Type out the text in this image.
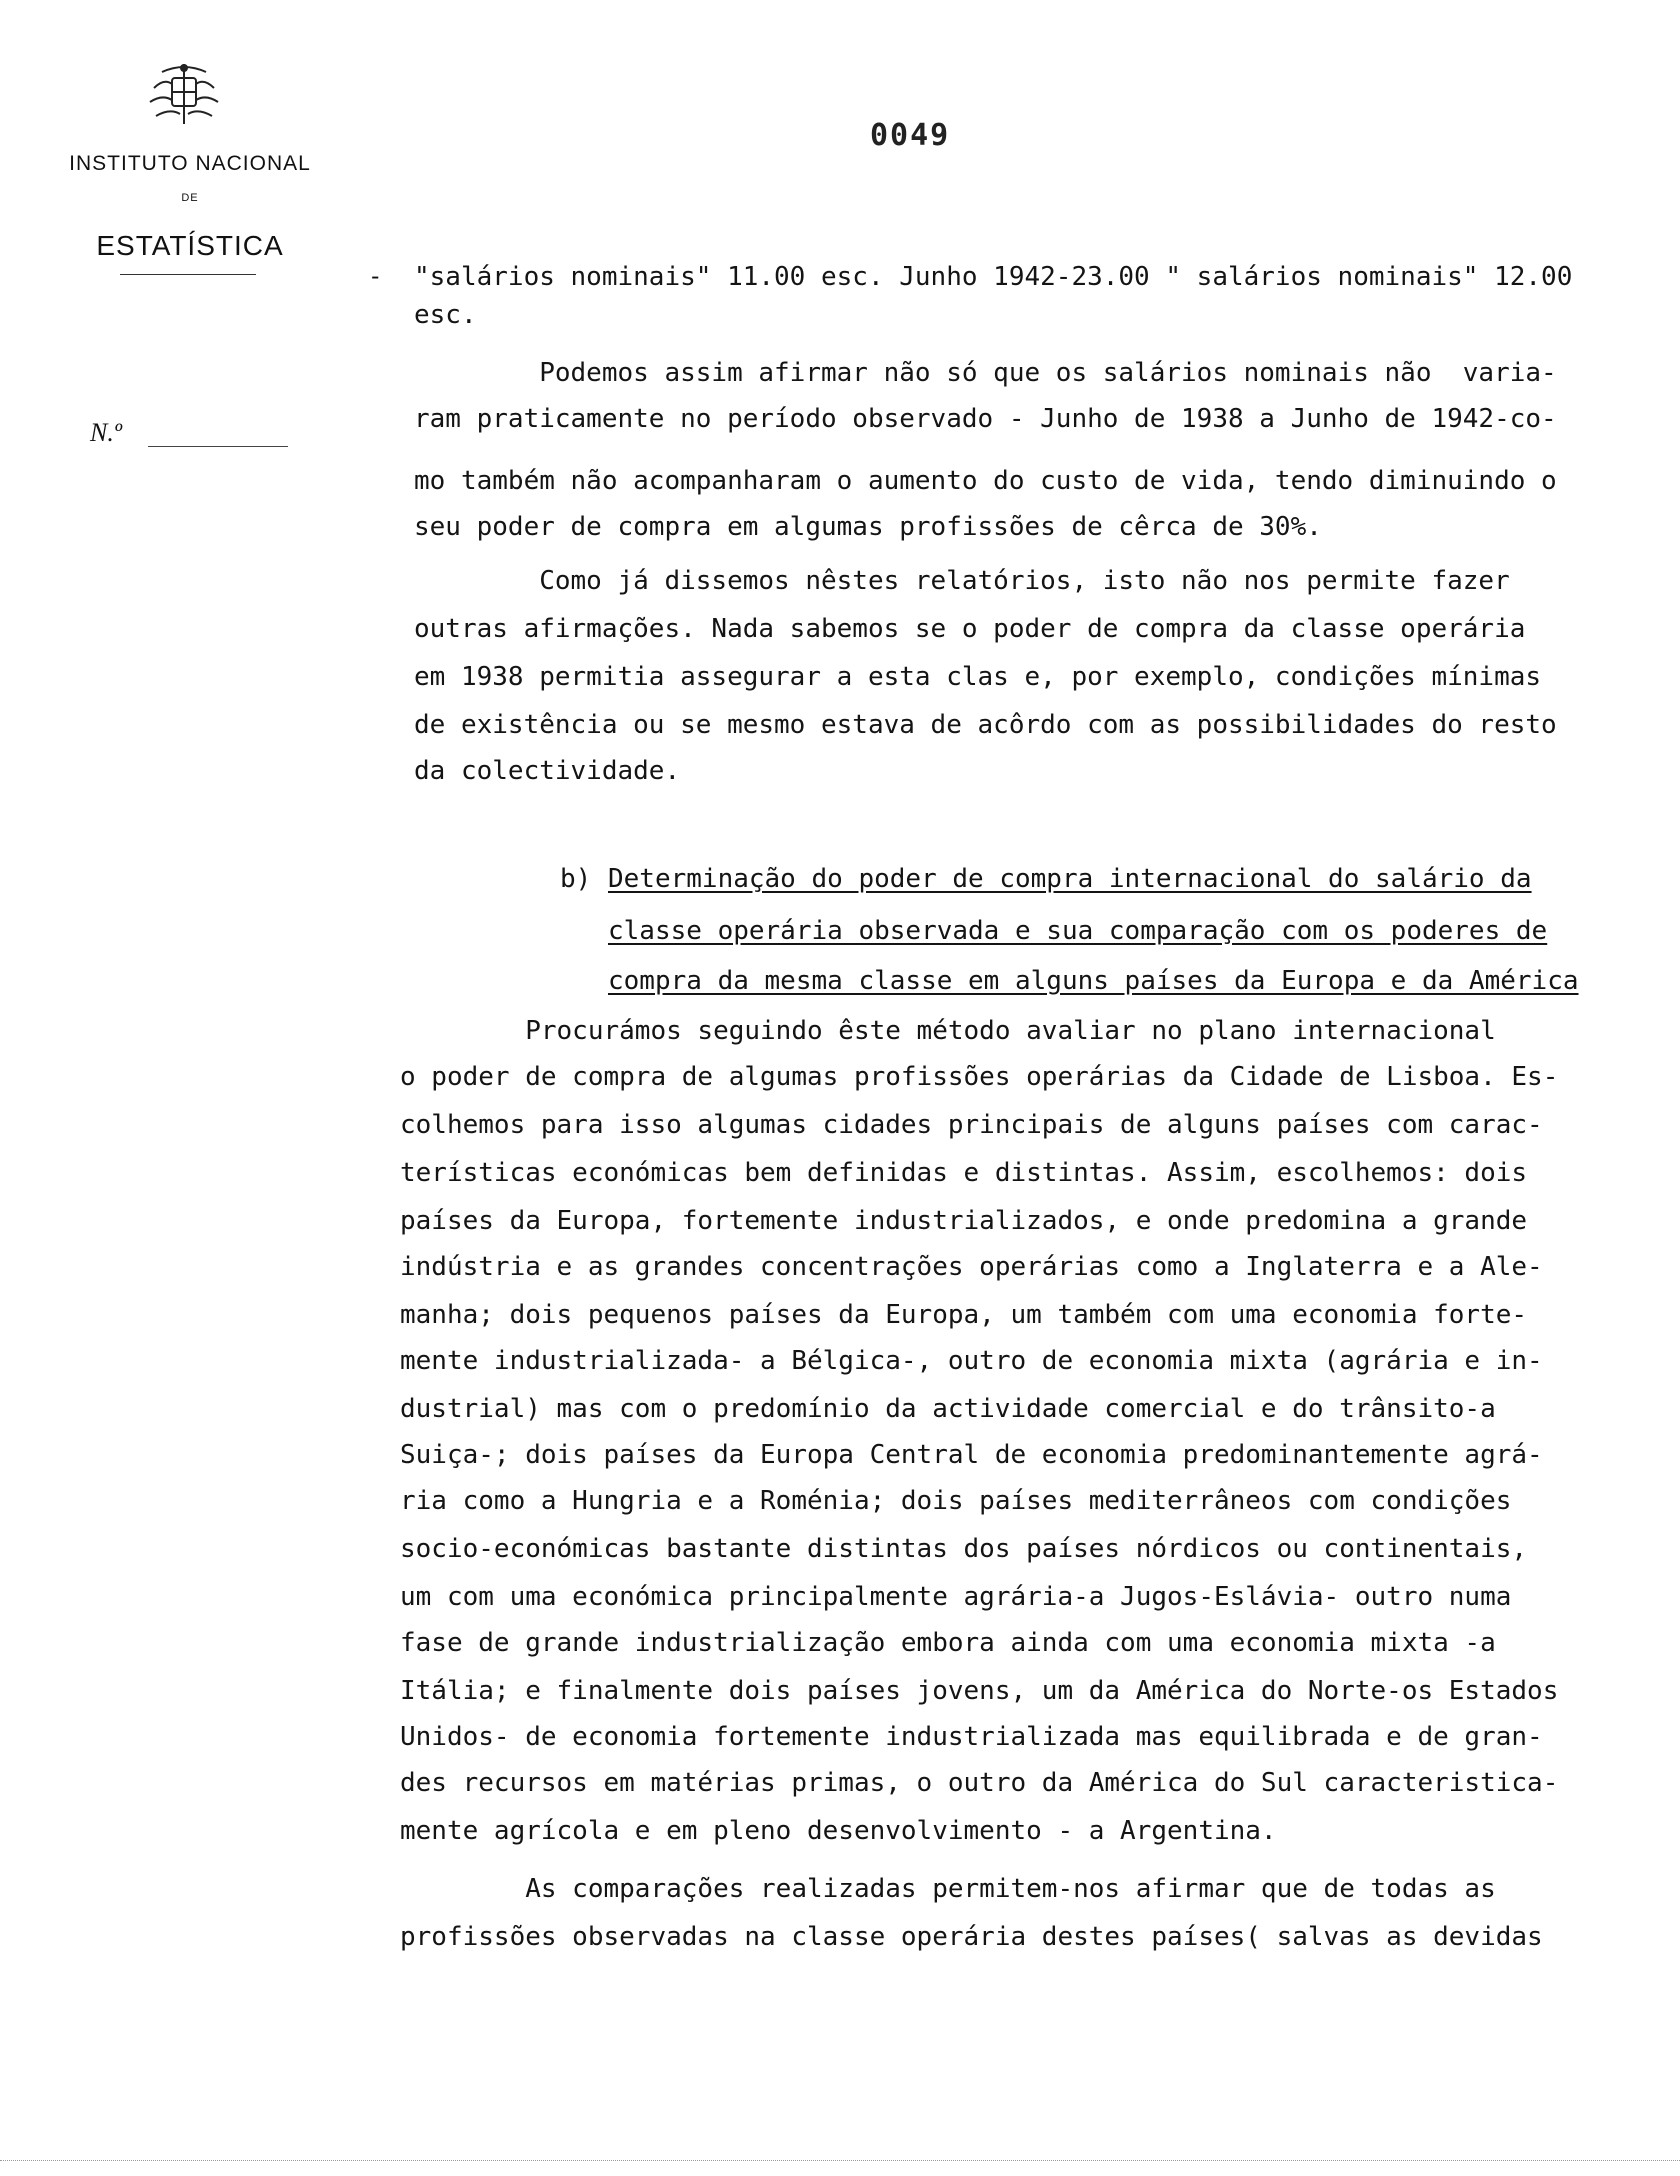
INSTITUTO NACIONAL
DE
ESTATÍSTICA
N.º
0049
- "salários nominais" 11.00 esc. Junho 1942-23.00 " salários nominais" 12.00

esc.

Podemos assim afirmar não só que os salários nominais não  varia-

ram praticamente no período observado - Junho de 1938 a Junho de 1942-co-

mo também não acompanharam o aumento do custo de vida, tendo diminuindo o

seu poder de compra em algumas profissões de cêrca de 30%.

Como já dissemos nêstes relatórios, isto não nos permite fazer

outras afirmações. Nada sabemos se o poder de compra da classe operária

em 1938 permitia assegurar a esta clas e, por exemplo, condições mínimas

de existência ou se mesmo estava de acôrdo com as possibilidades do resto

da colectividade.

b) Determinação do poder de compra internacional do salário da

classe operária observada e sua comparação com os poderes de

compra da mesma classe em alguns países da Europa e da América

Procurámos seguindo êste método avaliar no plano internacional

o poder de compra de algumas profissões operárias da Cidade de Lisboa. Es-

colhemos para isso algumas cidades principais de alguns países com carac-

terísticas económicas bem definidas e distintas. Assim, escolhemos: dois

países da Europa, fortemente industrializados, e onde predomina a grande

indústria e as grandes concentrações operárias como a Inglaterra e a Ale-

manha; dois pequenos países da Europa, um também com uma economia forte-

mente industrializada- a Bélgica-, outro de economia mixta (agrária e in-

dustrial) mas com o predomínio da actividade comercial e do trânsito-a

Suiça-; dois países da Europa Central de economia predominantemente agrá-

ria como a Hungria e a Roménia; dois países mediterrâneos com condições

socio-económicas bastante distintas dos países nórdicos ou continentais,

um com uma económica principalmente agrária-a Jugos-Eslávia- outro numa

fase de grande industrialização embora ainda com uma economia mixta -a

Itália; e finalmente dois países jovens, um da América do Norte-os Estados

Unidos- de economia fortemente industrializada mas equilibrada e de gran-

des recursos em matérias primas, o outro da América do Sul caracteristica-

mente agrícola e em pleno desenvolvimento - a Argentina.

As comparações realizadas permitem-nos afirmar que de todas as

profissões observadas na classe operária destes países( salvas as devidas
